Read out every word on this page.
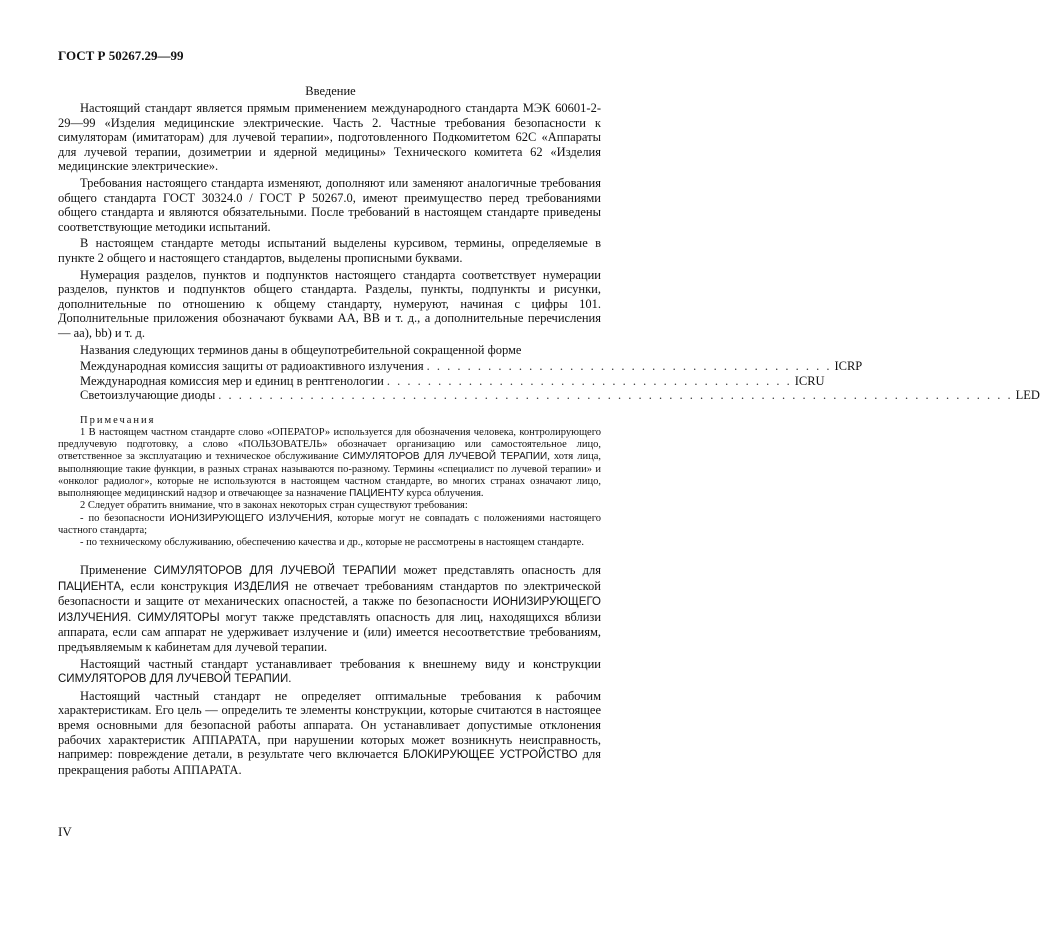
ГОСТ Р 50267.29—99
Введение

Настоящий стандарт является прямым применением международного стандарта МЭК 60601-2-29—99 «Изделия медицинские электрические. Часть 2. Частные требования безопасности к симуляторам (имитаторам) для лучевой терапии», подготовленного Подкомитетом 62С «Аппараты для лучевой терапии, дозиметрии и ядерной медицины» Технического комитета 62 «Изделия медицинские электрические».

Требования настоящего стандарта изменяют, дополняют или заменяют аналогичные требования общего стандарта ГОСТ 30324.0 / ГОСТ Р 50267.0, имеют преимущество перед требованиями общего стандарта и являются обязательными. После требований в настоящем стандарте приведены соответствующие методики испытаний.

В настоящем стандарте методы испытаний выделены курсивом, термины, определяемые в пункте 2 общего и настоящего стандартов, выделены прописными буквами.

Нумерация разделов, пунктов и подпунктов настоящего стандарта соответствует нумерации разделов, пунктов и подпунктов общего стандарта. Разделы, пункты, подпункты и рисунки, дополнительные по отношению к общему стандарту, нумеруют, начиная с цифры 101. Дополнительные приложения обозначают буквами АА, ВВ и т. д., а дополнительные перечисления — аа), bb) и т. д.

Названия следующих терминов даны в общеупотребительной сокращенной форме

Международная комиссия защиты от радиоактивного излучения . . . . . . . . . . . . . . . . . . . . . . . . . . . . . . . . . . . . . . . . ICRP
Международная комиссия мер и единиц в рентгенологии . . . . . . . . . . . . . . . . . . . . . . . . . . . . . . . . . . . . . . . . ICRU
Светоизлучающие диоды . . . . . . . . . . . . . . . . . . . . . . . . . . . . . . . . . . . . . . . . . . . . . . . . . . . . . . . . . . . . . . . . . . . . . . . . . . . . . . LED

Примечания

1 В настоящем частном стандарте слово «ОПЕРАТОР» используется для обозначения человека, контролирующего предлучевую подготовку, а слово «ПОЛЬЗОВАТЕЛЬ» обозначает организацию или самостоятельное лицо, ответственное за эксплуатацию и техническое обслуживание СИМУЛЯТОРОВ ДЛЯ ЛУЧЕВОЙ ТЕРАПИИ, хотя лица, выполняющие такие функции, в разных странах называются по-разному. Термины «специалист по лучевой терапии» и «онколог радиолог», которые не используются в настоящем частном стандарте, во многих странах означают лицо, выполняющее медицинский надзор и отвечающее за назначение ПАЦИЕНТУ курса облучения.

2 Следует обратить внимание, что в законах некоторых стран существуют требования:

- по безопасности ИОНИЗИРУЮЩЕГО ИЗЛУЧЕНИЯ, которые могут не совпадать с положениями настоящего частного стандарта;

- по техническому обслуживанию, обеспечению качества и др., которые не рассмотрены в настоящем стандарте.

Применение СИМУЛЯТОРОВ ДЛЯ ЛУЧЕВОЙ ТЕРАПИИ может представлять опасность для ПАЦИЕНТА, если конструкция ИЗДЕЛИЯ не отвечает требованиям стандартов по электрической безопасности и защите от механических опасностей, а также по безопасности ИОНИЗИРУЮЩЕГО ИЗЛУЧЕНИЯ. СИМУЛЯТОРЫ могут также представлять опасность для лиц, находящихся вблизи аппарата, если сам аппарат не удерживает излучение и (или) имеется несоответствие требованиям, предъявляемым к кабинетам для лучевой терапии.

Настоящий частный стандарт устанавливает требования к внешнему виду и конструкции СИМУЛЯТОРОВ ДЛЯ ЛУЧЕВОЙ ТЕРАПИИ.

Настоящий частный стандарт не определяет оптимальные требования к рабочим характеристикам. Его цель — определить те элементы конструкции, которые считаются в настоящее время основными для безопасной работы аппарата. Он устанавливает допустимые отклонения рабочих характеристик АППАРАТА, при нарушении которых может возникнуть неисправность, например: повреждение детали, в результате чего включается БЛОКИРУЮЩЕЕ УСТРОЙСТВО для прекращения работы АППАРАТА.

IV
